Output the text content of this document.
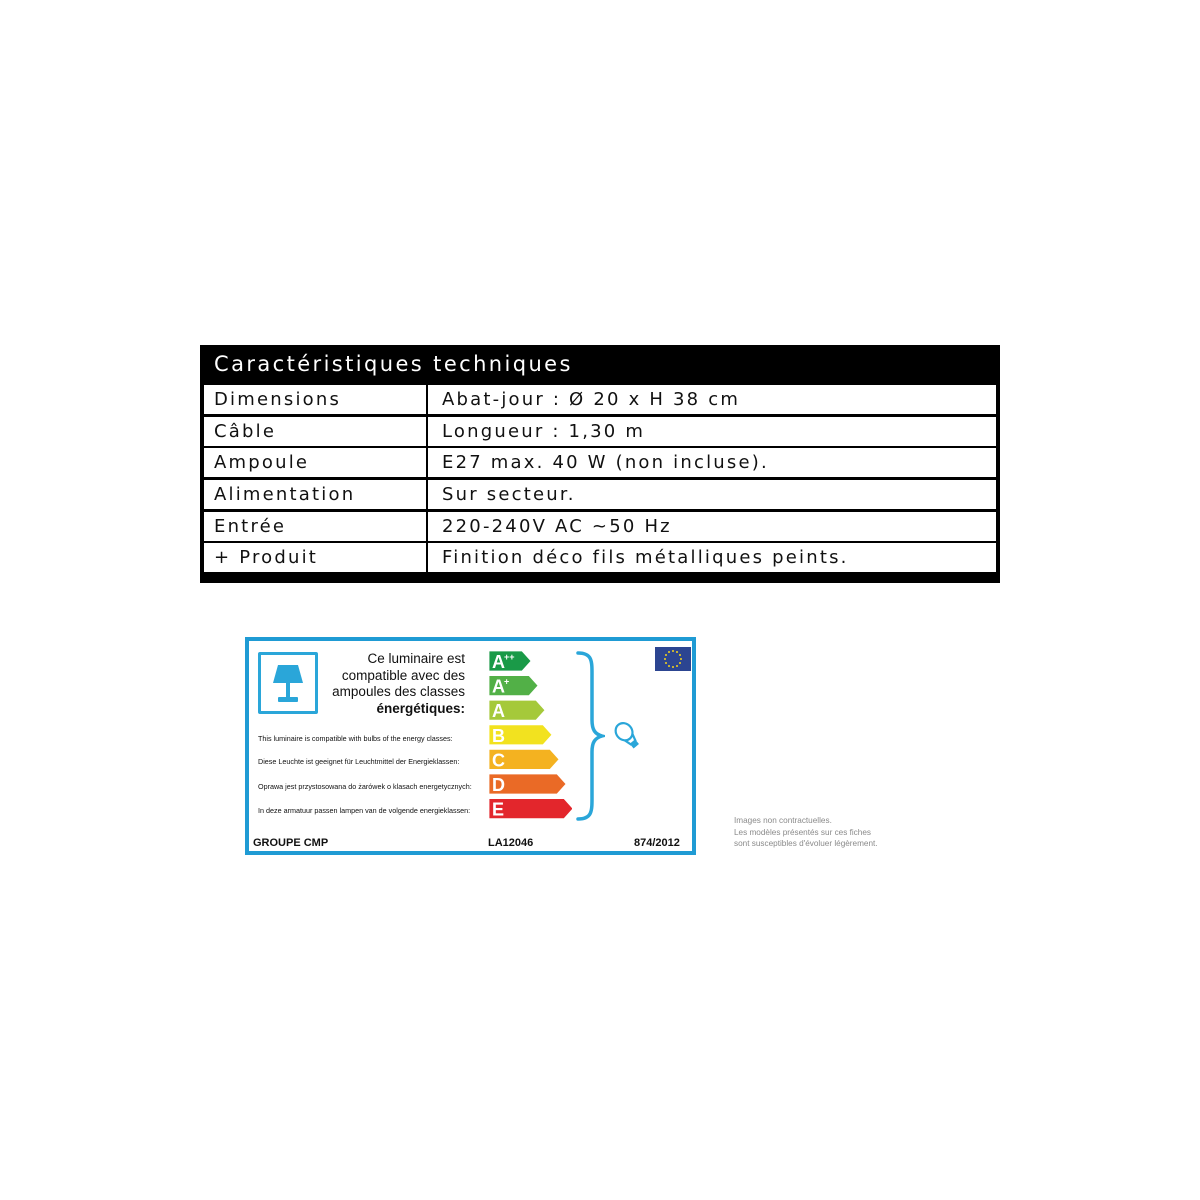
Caractéristiques techniques
Dimensions	Abat-jour : Ø 20 x H 38 cm
Câble	Longueur : 1,30 m
Ampoule	E27 max. 40 W (non incluse).
Alimentation	Sur secteur.
Entrée	220-240V AC ~50 Hz
+ Produit	Finition déco fils métalliques peints.
Ce luminaire est
compatible avec des
ampoules des classes
énergétiques:
This luminaire is compatible with bulbs of the energy classes:
Diese Leuchte ist geeignet für Leuchtmittel der Energieklassen:
Oprawa jest przystosowana do żarówek o klasach energetycznych:
In deze armatuur passen lampen van de volgende energieklassen:
A ++
A +
A
B
C
D
E
GROUPE CMP	LA12046	874/2012
Images non contractuelles.
Les modèles présentés sur ces fiches
sont susceptibles d'évoluer légèrement.
